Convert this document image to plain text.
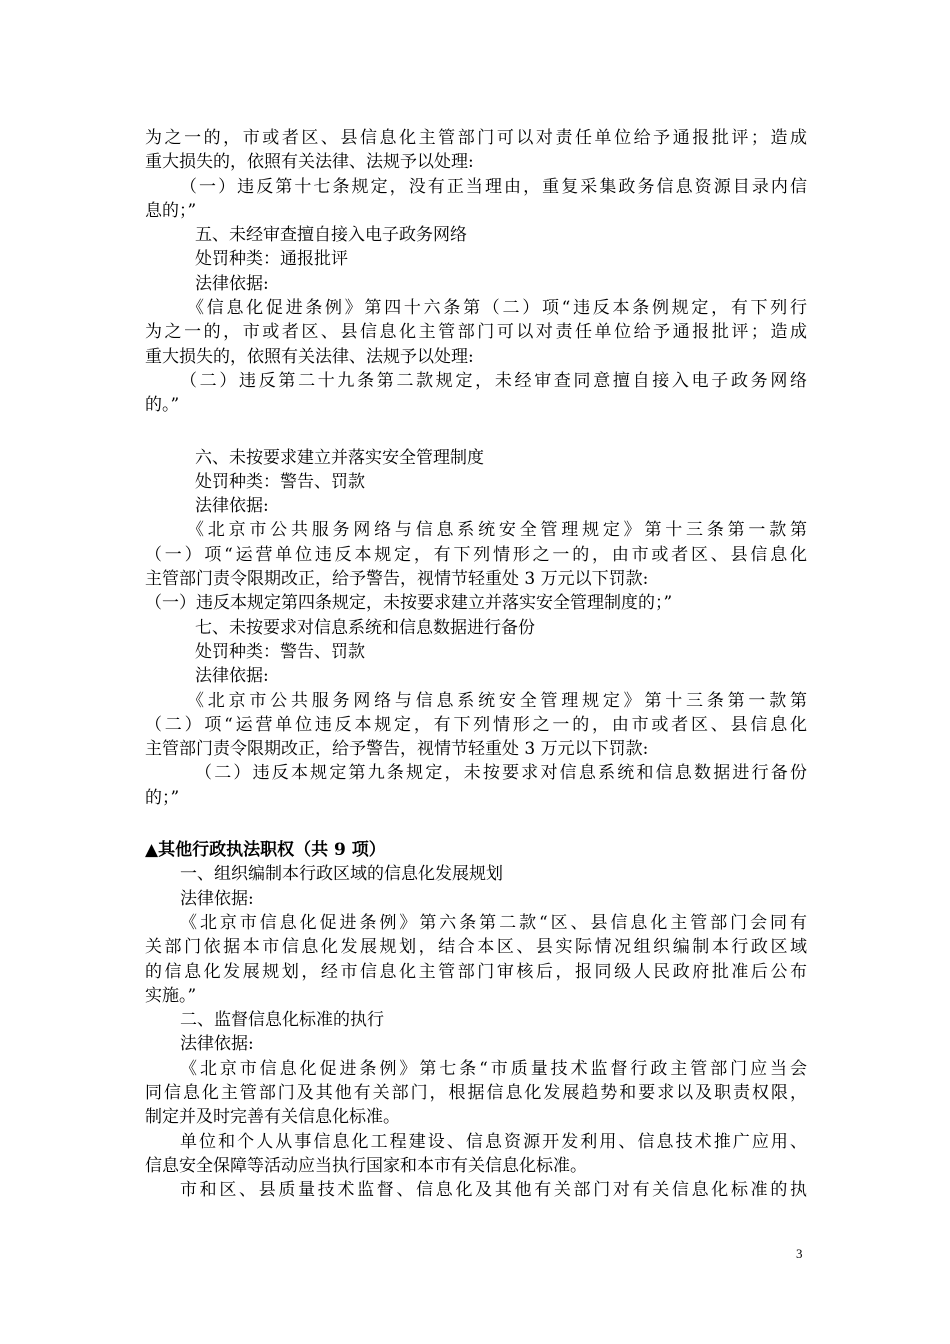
为之一的，市或者区、县信息化主管部门可以对责任单位给予通报批评；造成
重大损失的，依照有关法律、法规予以处理:
（一）违反第十七条规定，没有正当理由，重复采集政务信息资源目录内信
息的；”
五、未经审查擅自接入电子政务网络
处罚种类：通报批评
法律依据:
《信息化促进条例》第四十六条第（二）项“违反本条例规定，有下列行
为之一的，市或者区、县信息化主管部门可以对责任单位给予通报批评；造成
重大损失的，依照有关法律、法规予以处理:
（二）违反第二十九条第二款规定，未经审查同意擅自接入电子政务网络
的。”
六、未按要求建立并落实安全管理制度
处罚种类：警告、罚款
法律依据:
《北京市公共服务网络与信息系统安全管理规定》第十三条第一款第
（一）项“运营单位违反本规定，有下列情形之一的，由市或者区、县信息化
主管部门责令限期改正，给予警告，视情节轻重处 3 万元以下罚款:
（一）违反本规定第四条规定，未按要求建立并落实安全管理制度的；”
七、未按要求对信息系统和信息数据进行备份
处罚种类：警告、罚款
法律依据:
《北京市公共服务网络与信息系统安全管理规定》第十三条第一款第
（二）项“运营单位违反本规定，有下列情形之一的，由市或者区、县信息化
主管部门责令限期改正，给予警告，视情节轻重处 3 万元以下罚款:
（二）违反本规定第九条规定，未按要求对信息系统和信息数据进行备份
的；”
▲其他行政执法职权（共 9 项）
一、组织编制本行政区域的信息化发展规划
法律依据:
《北京市信息化促进条例》第六条第二款“区、县信息化主管部门会同有
关部门依据本市信息化发展规划，结合本区、县实际情况组织编制本行政区域
的信息化发展规划，经市信息化主管部门审核后，报同级人民政府批准后公布
实施。”
二、监督信息化标准的执行
法律依据:
《北京市信息化促进条例》第七条“市质量技术监督行政主管部门应当会
同信息化主管部门及其他有关部门，根据信息化发展趋势和要求以及职责权限，
制定并及时完善有关信息化标准。
单位和个人从事信息化工程建设、信息资源开发利用、信息技术推广应用、
信息安全保障等活动应当执行国家和本市有关信息化标准。
市和区、县质量技术监督、信息化及其他有关部门对有关信息化标准的执
3
